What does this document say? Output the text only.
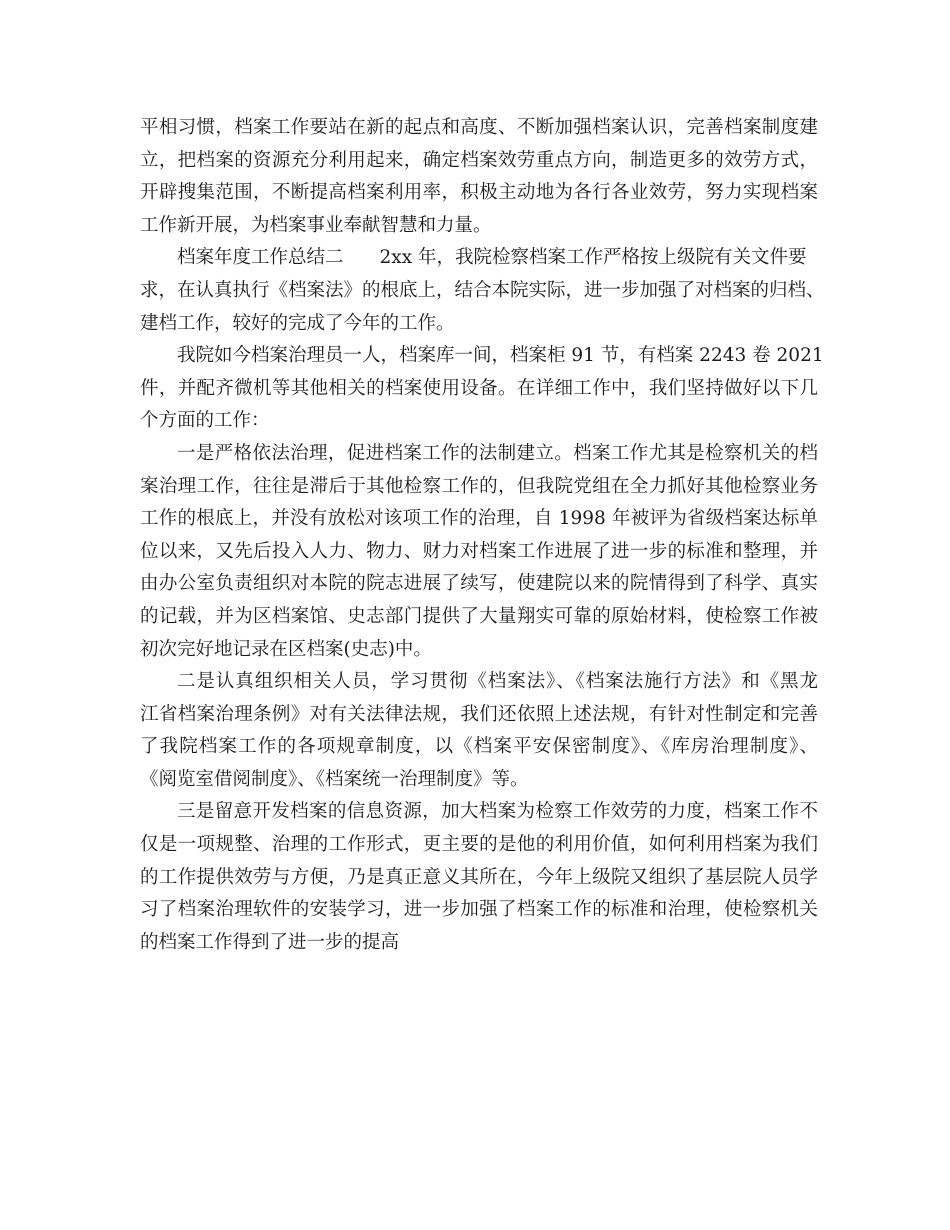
平相习惯，档案工作要站在新的起点和高度、不断加强档案认识，完善档案制度建
立，把档案的资源充分利用起来，确定档案效劳重点方向，制造更多的效劳方式，
开辟搜集范围，不断提高档案利用率，积极主动地为各行各业效劳，努力实现档案
工作新开展，为档案事业奉献智慧和力量。
档案年度工作总结二 2xx 年，我院检察档案工作严格按上级院有关文件要
求，在认真执行《档案法》的根底上，结合本院实际，进一步加强了对档案的归档、
建档工作，较好的完成了今年的工作。
我院如今档案治理员一人，档案库一间，档案柜 91 节，有档案 2243 卷 2021
件，并配齐微机等其他相关的档案使用设备。在详细工作中，我们坚持做好以下几
个方面的工作：
一是严格依法治理，促进档案工作的法制建立。档案工作尤其是检察机关的档
案治理工作，往往是滞后于其他检察工作的，但我院党组在全力抓好其他检察业务
工作的根底上，并没有放松对该项工作的治理，自 1998 年被评为省级档案达标单
位以来，又先后投入人力、物力、财力对档案工作进展了进一步的标准和整理，并
由办公室负责组织对本院的院志进展了续写，使建院以来的院情得到了科学、真实
的记载，并为区档案馆、史志部门提供了大量翔实可靠的原始材料，使检察工作被
初次完好地记录在区档案(史志)中。
二是认真组织相关人员，学习贯彻《档案法》、《档案法施行方法》和《黑龙
江省档案治理条例》对有关法律法规，我们还依照上述法规，有针对性制定和完善
了我院档案工作的各项规章制度，以《档案平安保密制度》、《库房治理制度》、
《阅览室借阅制度》、《档案统一治理制度》等。
三是留意开发档案的信息资源，加大档案为检察工作效劳的力度，档案工作不
仅是一项规整、治理的工作形式，更主要的是他的利用价值，如何利用档案为我们
的工作提供效劳与方便，乃是真正意义其所在，今年上级院又组织了基层院人员学
习了档案治理软件的安装学习，进一步加强了档案工作的标准和治理，使检察机关
的档案工作得到了进一步的提高
